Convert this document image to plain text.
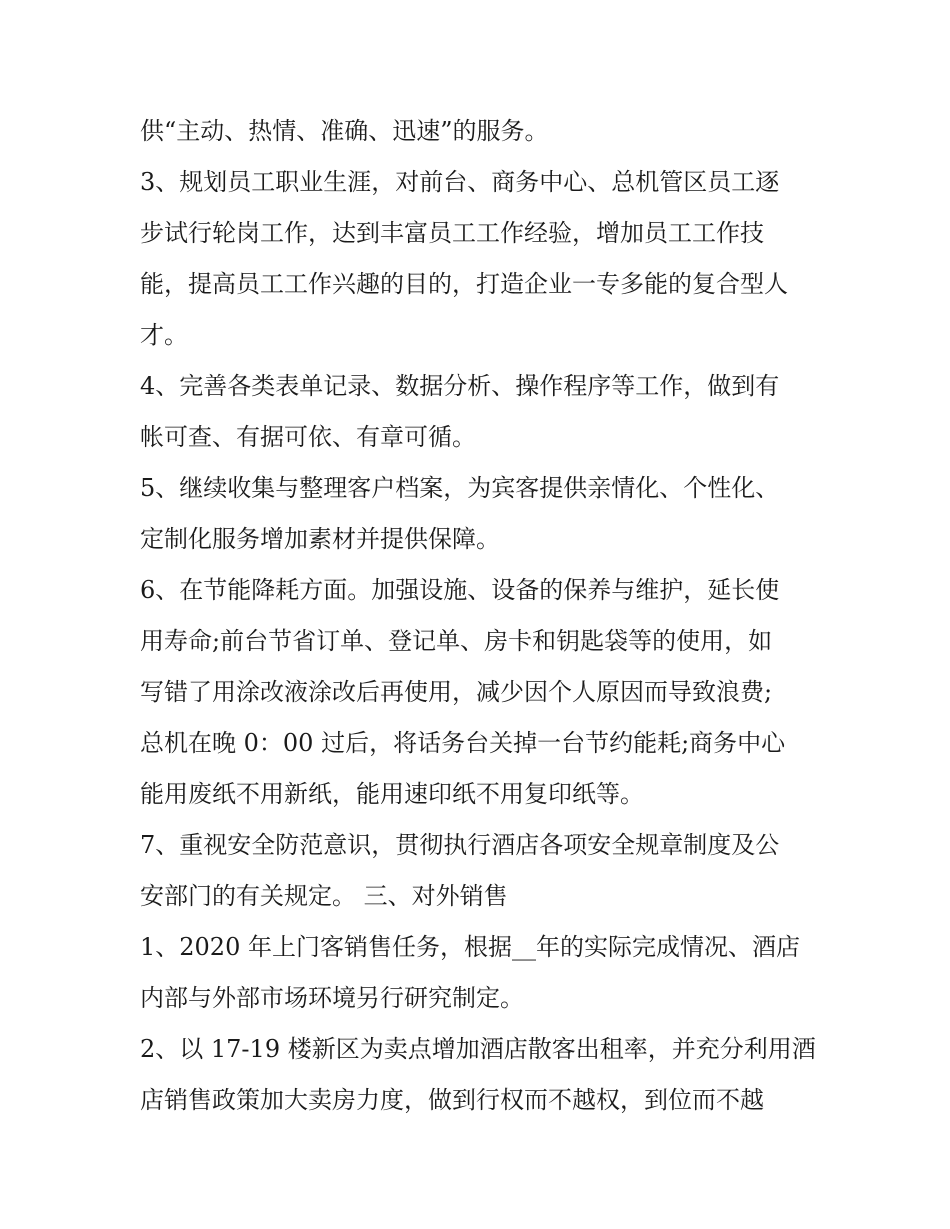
供“主动、热情、准确、迅速”的服务。

3、规划员工职业生涯，对前台、商务中心、总机管区员工逐

步试行轮岗工作，达到丰富员工工作经验，增加员工工作技

能，提高员工工作兴趣的目的，打造企业一专多能的复合型人

才。

4、完善各类表单记录、数据分析、操作程序等工作，做到有

帐可查、有据可依、有章可循。

5、继续收集与整理客户档案，为宾客提供亲情化、个性化、

定制化服务增加素材并提供保障。

6、在节能降耗方面。加强设施、设备的保养与维护，延长使

用寿命;前台节省订单、登记单、房卡和钥匙袋等的使用，如

写错了用涂改液涂改后再使用，减少因个人原因而导致浪费;

总机在晚 0：00 过后，将话务台关掉一台节约能耗;商务中心

能用废纸不用新纸，能用速印纸不用复印纸等。

7、重视安全防范意识，贯彻执行酒店各项安全规章制度及公

安部门的有关规定。 三、对外销售

1、2020 年上门客销售任务，根据__年的实际完成情况、酒店

内部与外部市场环境另行研究制定。

2、以 17-19 楼新区为卖点增加酒店散客出租率，并充分利用酒

店销售政策加大卖房力度，做到行权而不越权，到位而不越
